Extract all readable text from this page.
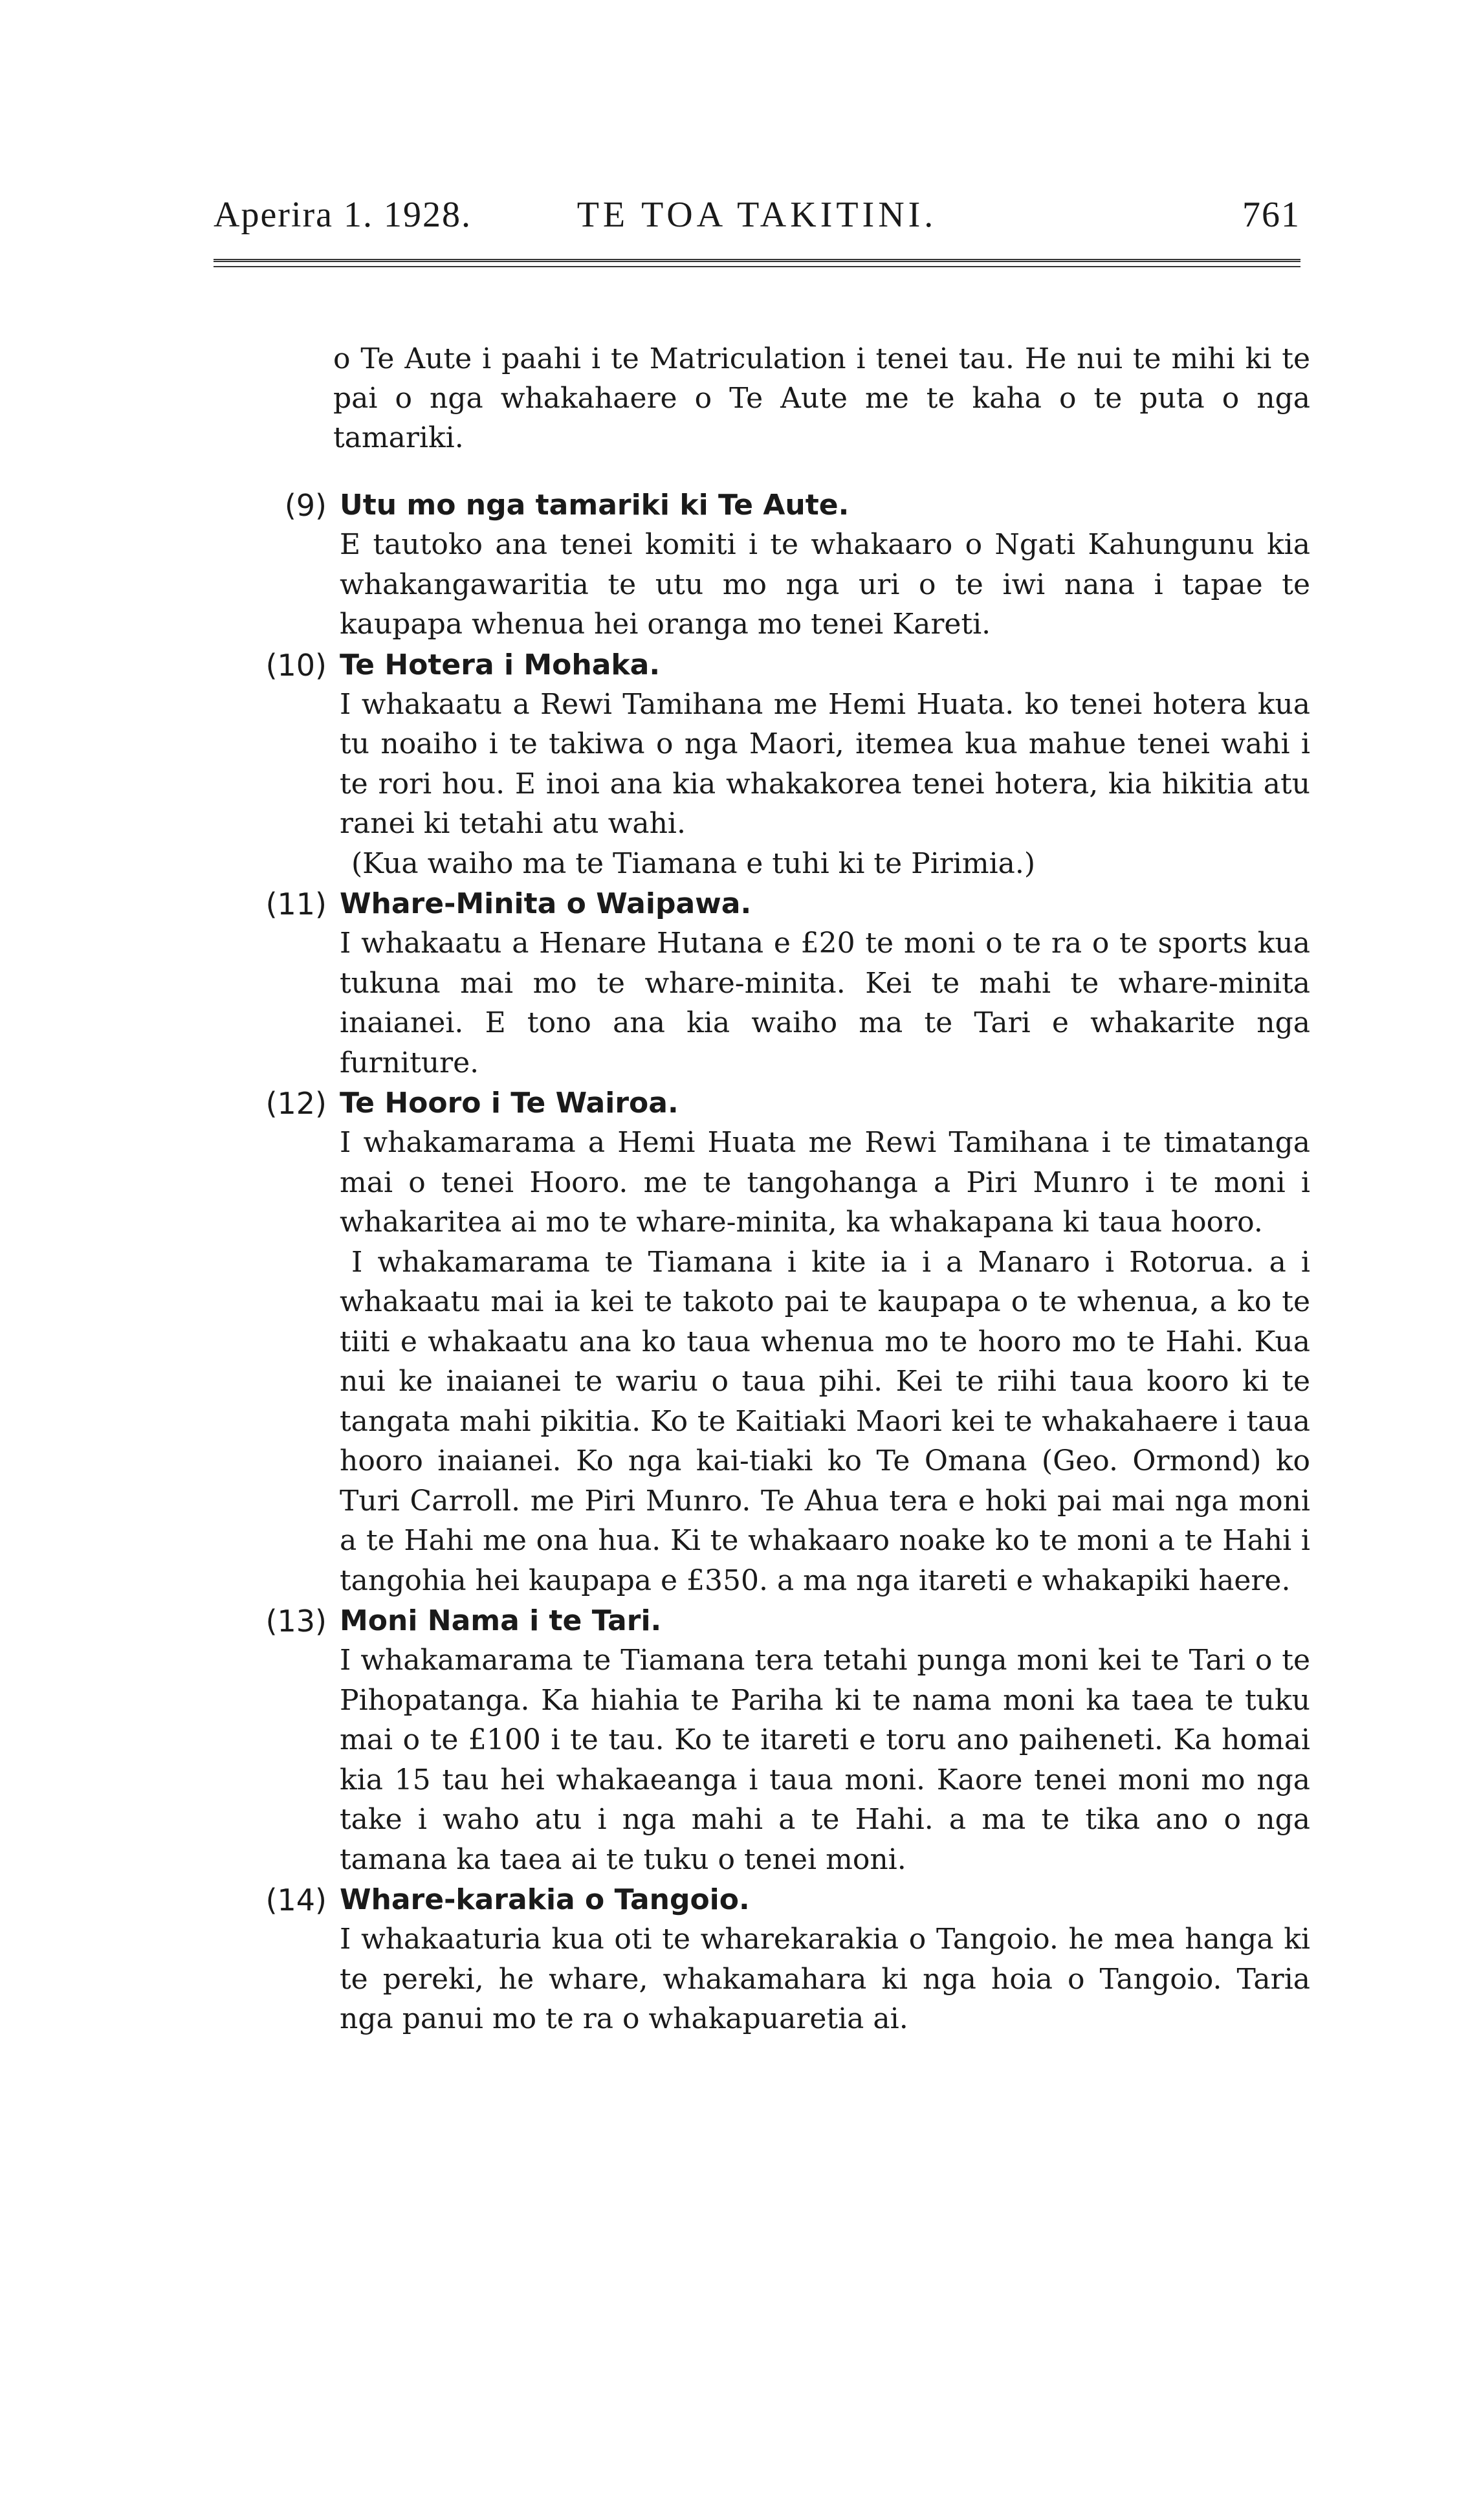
Aperira 1. 1928.	TE TOA TAKITINI.	761

o Te Aute i paahi i te Matriculation i tenei tau. He nui te mihi ki te pai o nga whakahaere o Te Aute me te kaha o te puta o nga tamariki.

(9) Utu mo nga tamariki ki Te Aute.

E tautoko ana tenei komiti i te whakaaro o Ngati Kahungunu kia whakangawaritia te utu mo nga uri o te iwi nana i tapae te kaupapa whenua hei oranga mo tenei Kareti.

(10) Te Hotera i Mohaka.

I whakaatu a Rewi Tamihana me Hemi Huata. ko tenei hotera kua tu noaiho i te takiwa o nga Maori, itemea kua mahue tenei wahi i te rori hou. E inoi ana kia whakakorea tenei hotera, kia hikitia atu ranei ki tetahi atu wahi.

(Kua waiho ma te Tiamana e tuhi ki te Pirimia.)

(11) Whare-Minita o Waipawa.

I whakaatu a Henare Hutana e £20 te moni o te ra o te sports kua tukuna mai mo te whare-minita. Kei te mahi te whare-minita inaianei. E tono ana kia waiho ma te Tari e whakarite nga furniture.

(12) Te Hooro i Te Wairoa.

I whakamarama a Hemi Huata me Rewi Tamihana i te timatanga mai o tenei Hooro. me te tangohanga a Piri Munro i te moni i whakaritea ai mo te whare-minita, ka whakapana ki taua hooro.

I whakamarama te Tiamana i kite ia i a Manaro i Rotorua. a i whakaatu mai ia kei te takoto pai te kaupapa o te whenua, a ko te tiiti e whakaatu ana ko taua whenua mo te hooro mo te Hahi. Kua nui ke inaianei te wariu o taua pihi. Kei te riihi taua kooro ki te tangata mahi pikitia. Ko te Kaitiaki Maori kei te whakahaere i taua hooro inaianei. Ko nga kai-tiaki ko Te Omana (Geo. Ormond) ko Turi Carroll. me Piri Munro. Te Ahua tera e hoki pai mai nga moni a te Hahi me ona hua. Ki te whakaaro noake ko te moni a te Hahi i tangohia hei kaupapa e £350. a ma nga itareti e whakapiki haere.

(13) Moni Nama i te Tari.

I whakamarama te Tiamana tera tetahi punga moni kei te Tari o te Pihopatanga. Ka hiahia te Pariha ki te nama moni ka taea te tuku mai o te £100 i te tau. Ko te itareti e toru ano paiheneti. Ka homai kia 15 tau hei whakaeanga i taua moni. Kaore tenei moni mo nga take i waho atu i nga mahi a te Hahi. a ma te tika ano o nga tamana ka taea ai te tuku o tenei moni.

(14) Whare-karakia o Tangoio.

I whakaaturia kua oti te wharekarakia o Tangoio. he mea hanga ki te pereki, he whare, whakamahara ki nga hoia o Tangoio. Taria nga panui mo te ra o whakapuaretia ai.
